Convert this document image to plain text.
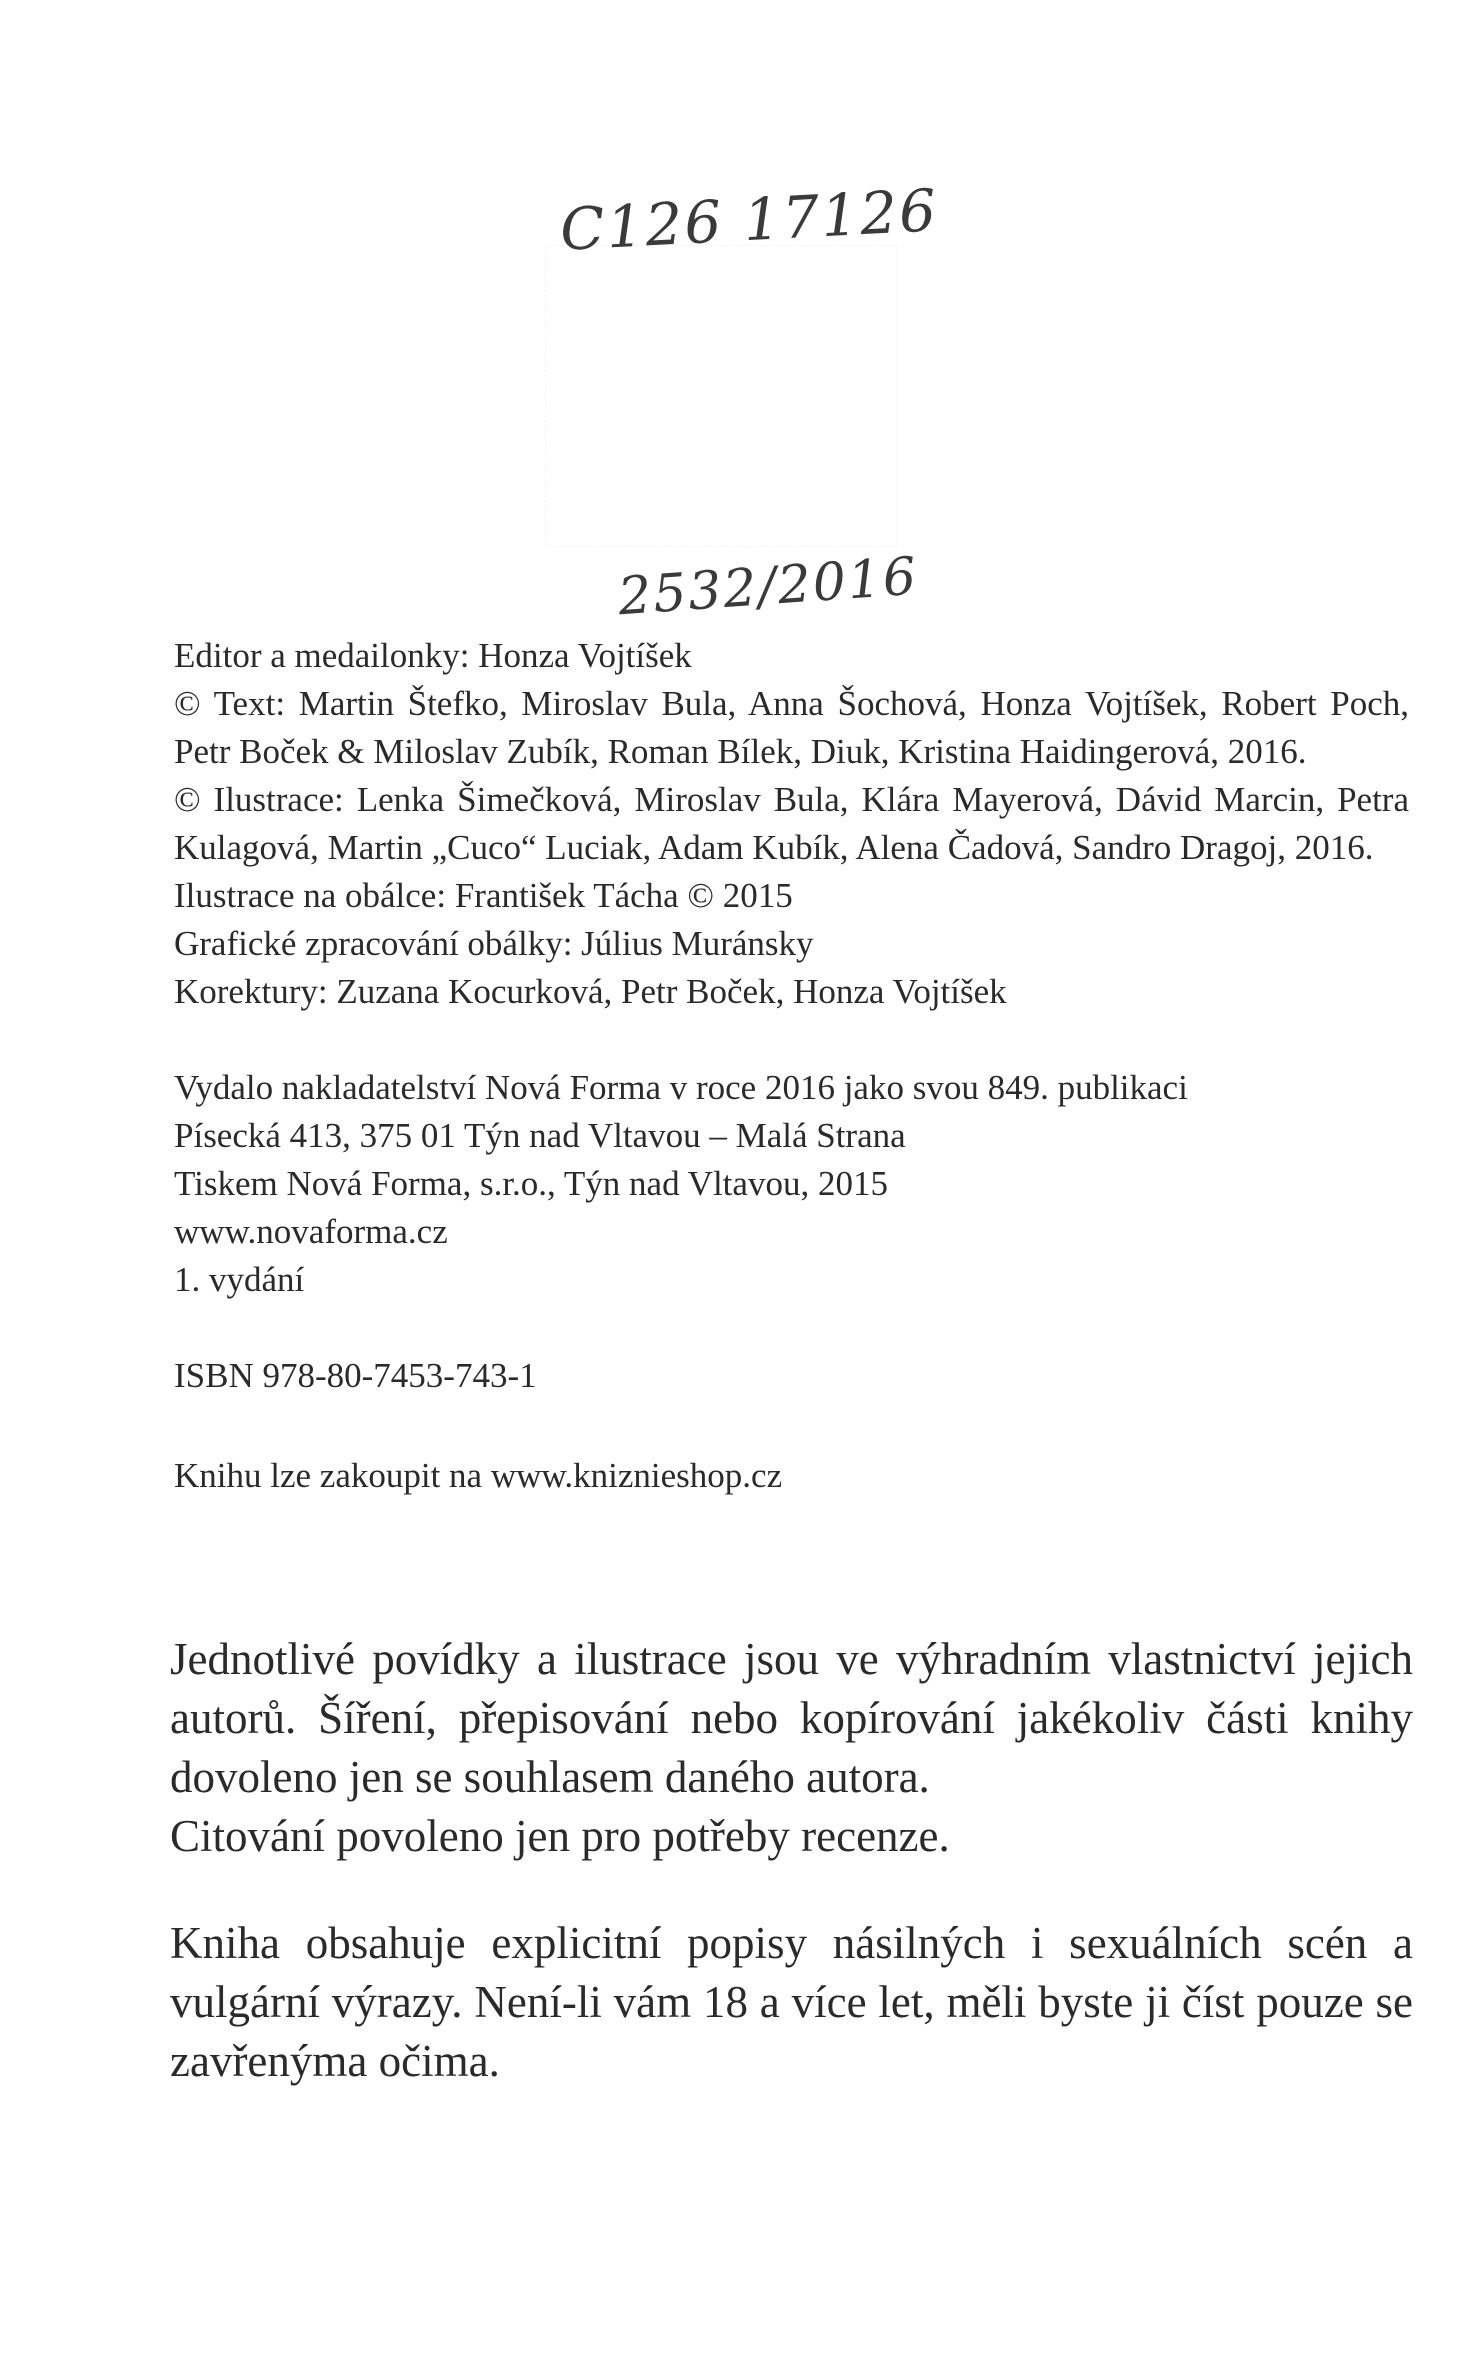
C126 17126
2532/2016

Editor a medailonky: Honza Vojtíšek

© Text: Martin Štefko, Miroslav Bula, Anna Šochová, Honza Vojtíšek, Robert Poch, Petr Boček & Miloslav Zubík, Roman Bílek, Diuk, Kristina Haidingerová, 2016.

© Ilustrace: Lenka Šimečková, Miroslav Bula, Klára Mayerová, Dávid Marcin, Petra Kulagová, Martin „Cuco“ Luciak, Adam Kubík, Alena Čadová, Sandro Dragoj, 2016.

Ilustrace na obálce: František Tácha © 2015

Grafické zpracování obálky: Július Muránsky

Korektury: Zuzana Kocurková, Petr Boček, Honza Vojtíšek

Vydalo nakladatelství Nová Forma v roce 2016 jako svou 849. publikaci

Písecká 413, 375 01 Týn nad Vltavou – Malá Strana

Tiskem Nová Forma, s.r.o., Týn nad Vltavou, 2015

www.novaforma.cz

1. vydání

ISBN 978-80-7453-743-1

Knihu lze zakoupit na www.kniznieshop.cz

Jednotlivé povídky a ilustrace jsou ve výhradním vlastnictví jejich autorů. Šíření, přepisování nebo kopírování jakékoliv části knihy dovoleno jen se souhlasem daného autora.
Citování povoleno jen pro potřeby recenze.

Kniha obsahuje explicitní popisy násilných i sexuálních scén a vulgární výrazy. Není-li vám 18 a více let, měli byste ji číst pouze se zavřenýma očima.
